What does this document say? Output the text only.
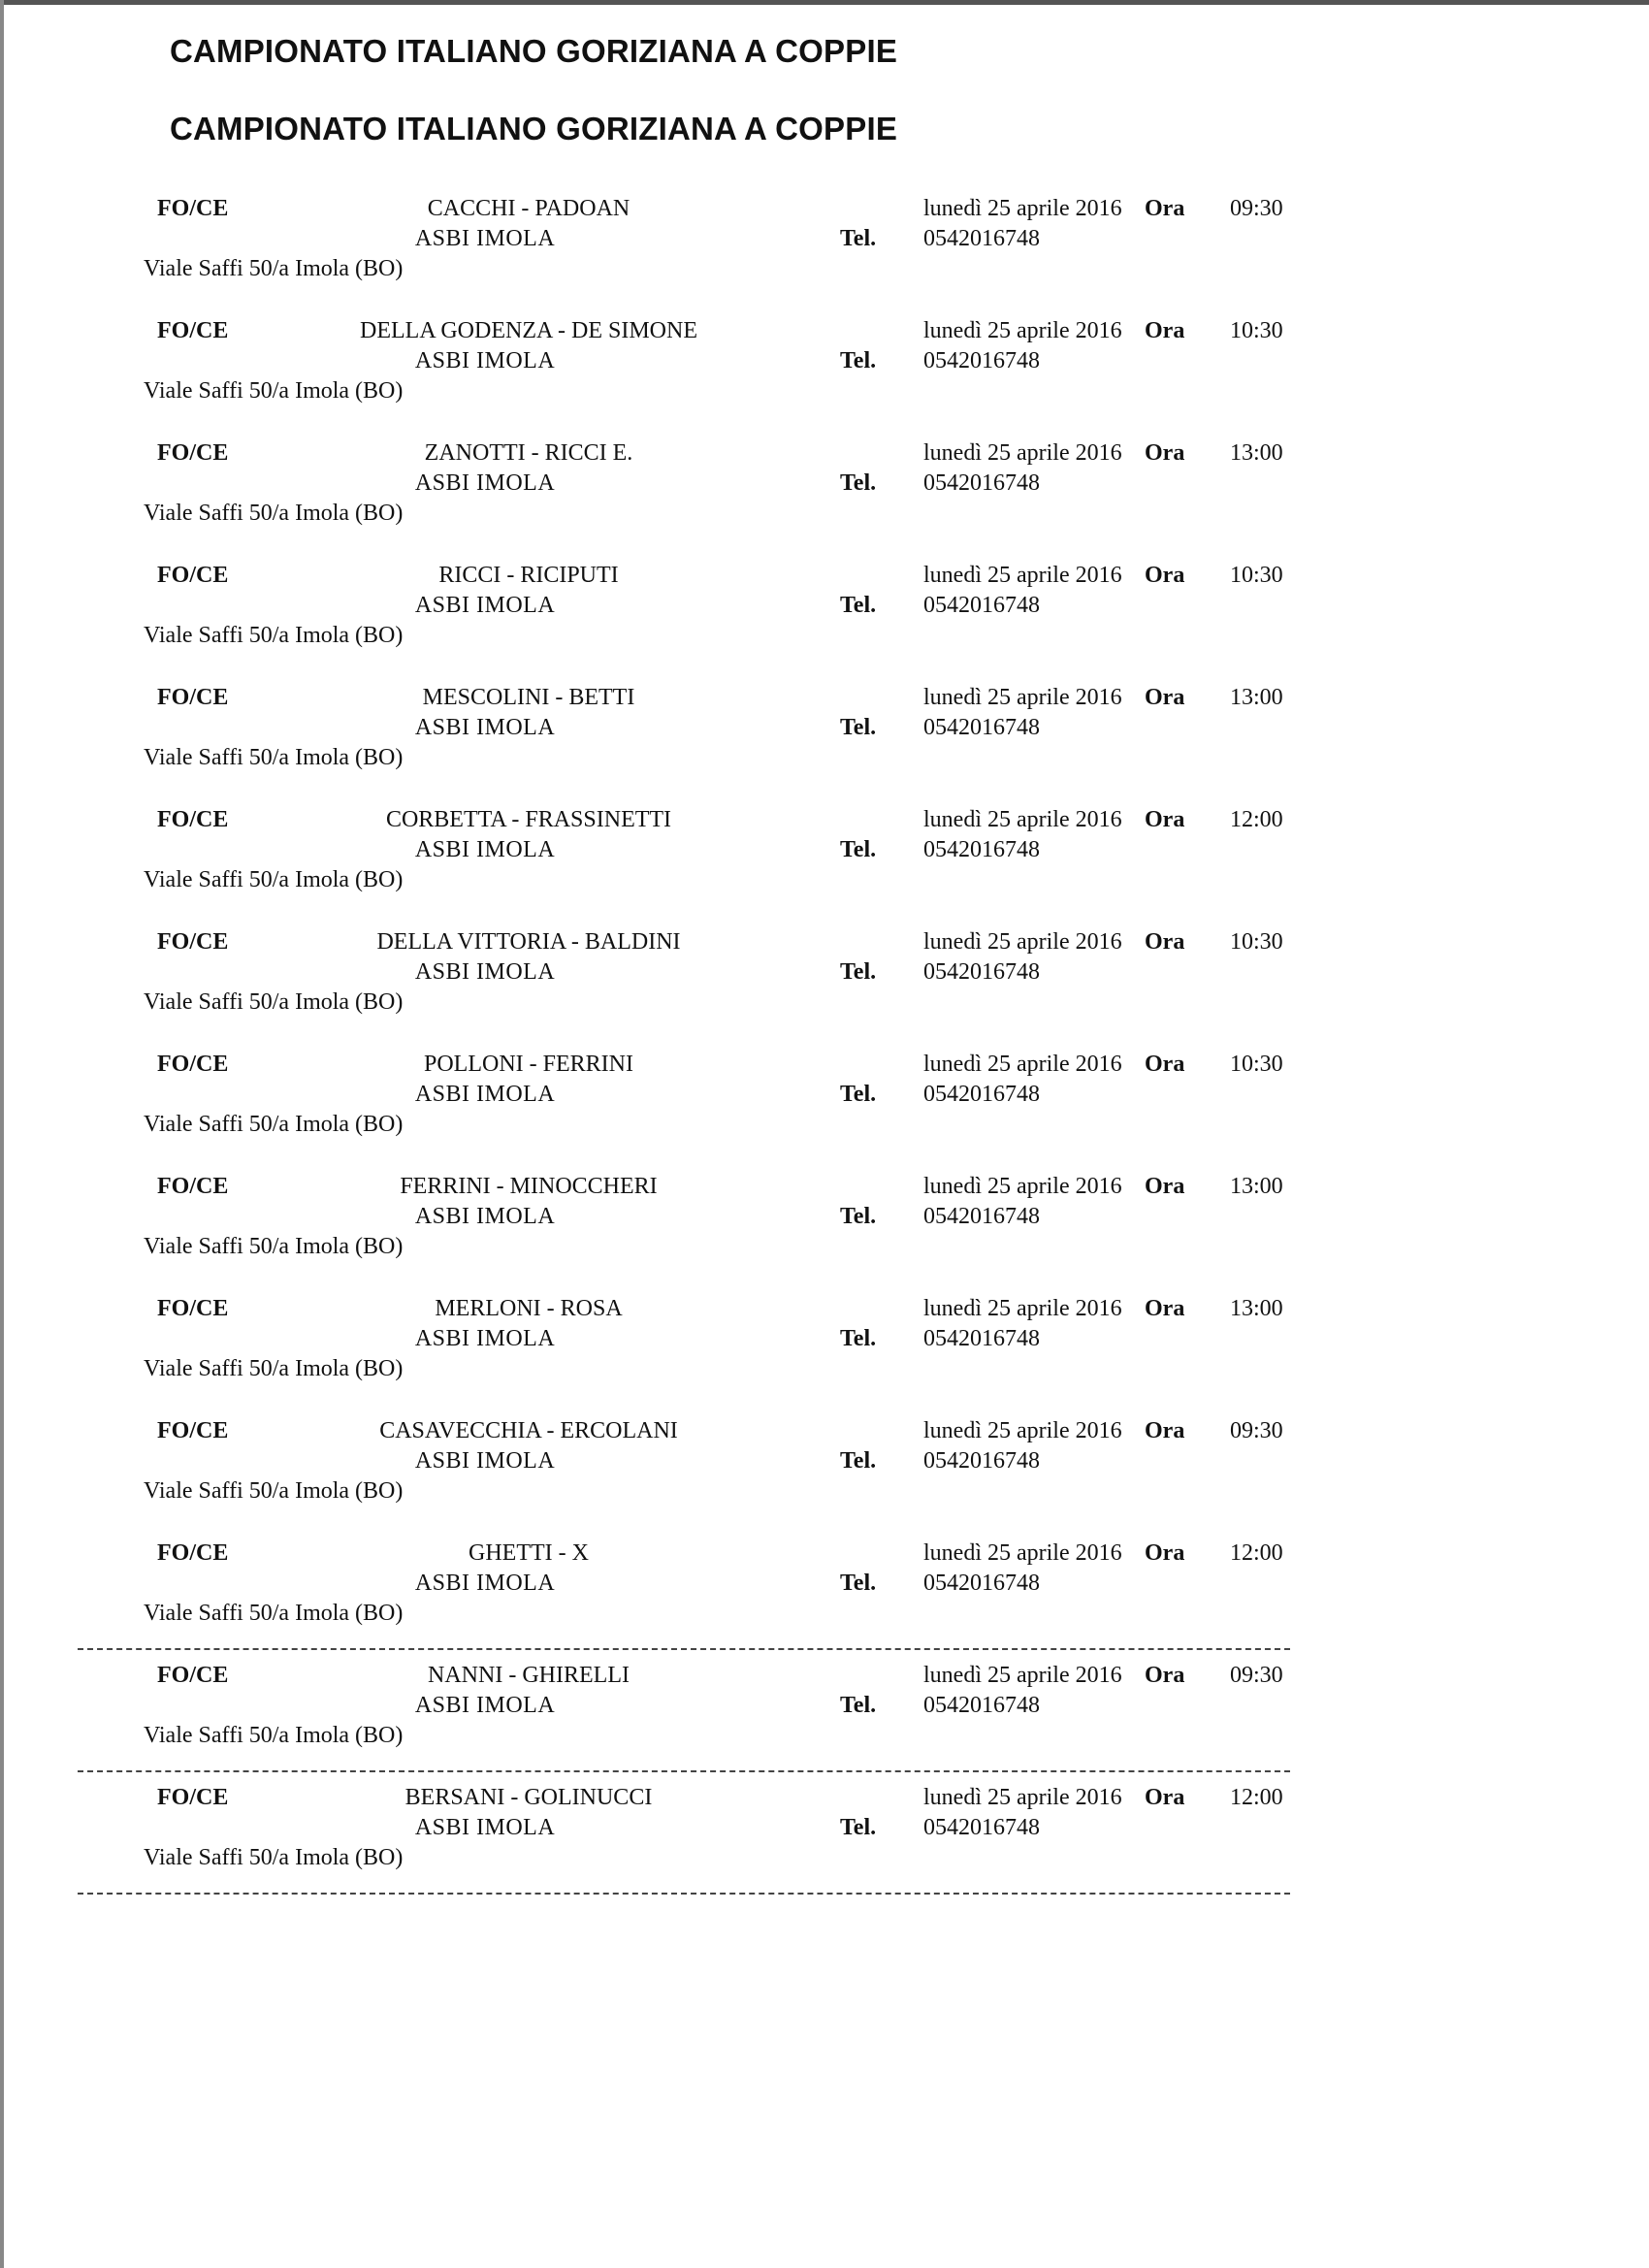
CAMPIONATO ITALIANO GORIZIANA A COPPIE
CAMPIONATO ITALIANO GORIZIANA A COPPIE
FO/CE	CACCHI - PADOAN
ASBI IMOLA
Viale Saffi 50/a Imola (BO)
lunedì 25 aprile 2016 Ora 09:30
Tel. 0542016748
FO/CE	DELLA GODENZA - DE SIMONE
ASBI IMOLA
Viale Saffi 50/a Imola (BO)
lunedì 25 aprile 2016 Ora 10:30
Tel. 0542016748
FO/CE	ZANOTTI - RICCI E.
ASBI IMOLA
Viale Saffi 50/a Imola (BO)
lunedì 25 aprile 2016 Ora 13:00
Tel. 0542016748
FO/CE	RICCI - RICIPUTI
ASBI IMOLA
Viale Saffi 50/a Imola (BO)
lunedì 25 aprile 2016 Ora 10:30
Tel. 0542016748
FO/CE	MESCOLINI - BETTI
ASBI IMOLA
Viale Saffi 50/a Imola (BO)
lunedì 25 aprile 2016 Ora 13:00
Tel. 0542016748
FO/CE	CORBETTA - FRASSINETTI
ASBI IMOLA
Viale Saffi 50/a Imola (BO)
lunedì 25 aprile 2016 Ora 12:00
Tel. 0542016748
FO/CE	DELLA VITTORIA - BALDINI
ASBI IMOLA
Viale Saffi 50/a Imola (BO)
lunedì 25 aprile 2016 Ora 10:30
Tel. 0542016748
FO/CE	POLLONI - FERRINI
ASBI IMOLA
Viale Saffi 50/a Imola (BO)
lunedì 25 aprile 2016 Ora 10:30
Tel. 0542016748
FO/CE	FERRINI - MINOCCHERI
ASBI IMOLA
Viale Saffi 50/a Imola (BO)
lunedì 25 aprile 2016 Ora 13:00
Tel. 0542016748
FO/CE	MERLONI - ROSA
ASBI IMOLA
Viale Saffi 50/a Imola (BO)
lunedì 25 aprile 2016 Ora 13:00
Tel. 0542016748
FO/CE	CASAVECCHIA - ERCOLANI
ASBI IMOLA
Viale Saffi 50/a Imola (BO)
lunedì 25 aprile 2016 Ora 09:30
Tel. 0542016748
FO/CE	GHETTI - X
ASBI IMOLA
Viale Saffi 50/a Imola (BO)
lunedì 25 aprile 2016 Ora 12:00
Tel. 0542016748
FO/CE	NANNI - GHIRELLI
ASBI IMOLA
Viale Saffi 50/a Imola (BO)
lunedì 25 aprile 2016 Ora 09:30
Tel. 0542016748
FO/CE	BERSANI - GOLINUCCI
ASBI IMOLA
Viale Saffi 50/a Imola (BO)
lunedì 25 aprile 2016 Ora 12:00
Tel. 0542016748
